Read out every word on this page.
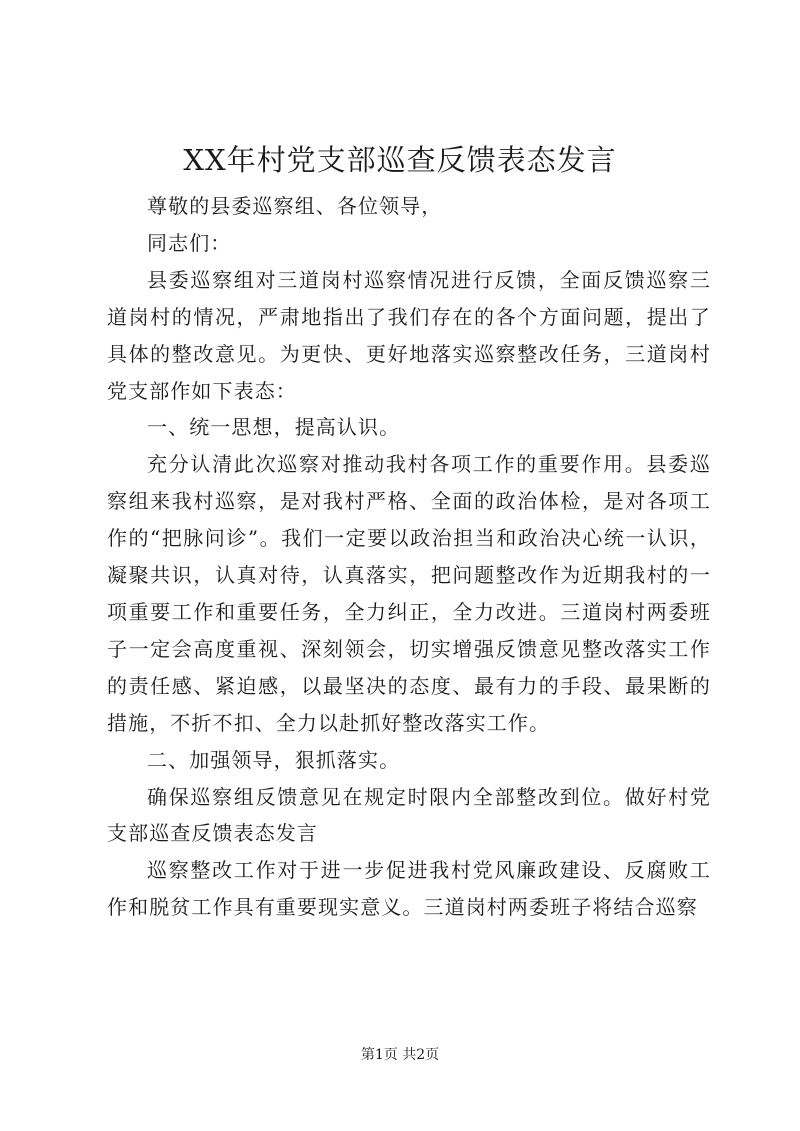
XX年村党支部巡查反馈表态发言

尊敬的县委巡察组、各位领导，

同志们：

县委巡察组对三道岗村巡察情况进行反馈，全面反馈巡察三道岗村的情况，严肃地指出了我们存在的各个方面问题，提出了具体的整改意见。为更快、更好地落实巡察整改任务，三道岗村党支部作如下表态：

一、统一思想，提高认识。

充分认清此次巡察对推动我村各项工作的重要作用。县委巡察组来我村巡察，是对我村严格、全面的政治体检，是对各项工作的“把脉问诊”。我们一定要以政治担当和政治决心统一认识，凝聚共识，认真对待，认真落实，把问题整改作为近期我村的一项重要工作和重要任务，全力纠正，全力改进。三道岗村两委班子一定会高度重视、深刻领会，切实增强反馈意见整改落实工作的责任感、紧迫感，以最坚决的态度、最有力的手段、最果断的措施，不折不扣、全力以赴抓好整改落实工作。

二、加强领导，狠抓落实。

确保巡察组反馈意见在规定时限内全部整改到位。做好村党支部巡查反馈表态发言

巡察整改工作对于进一步促进我村党风廉政建设、反腐败工作和脱贫工作具有重要现实意义。三道岗村两委班子将结合巡察

第1页 共2页
